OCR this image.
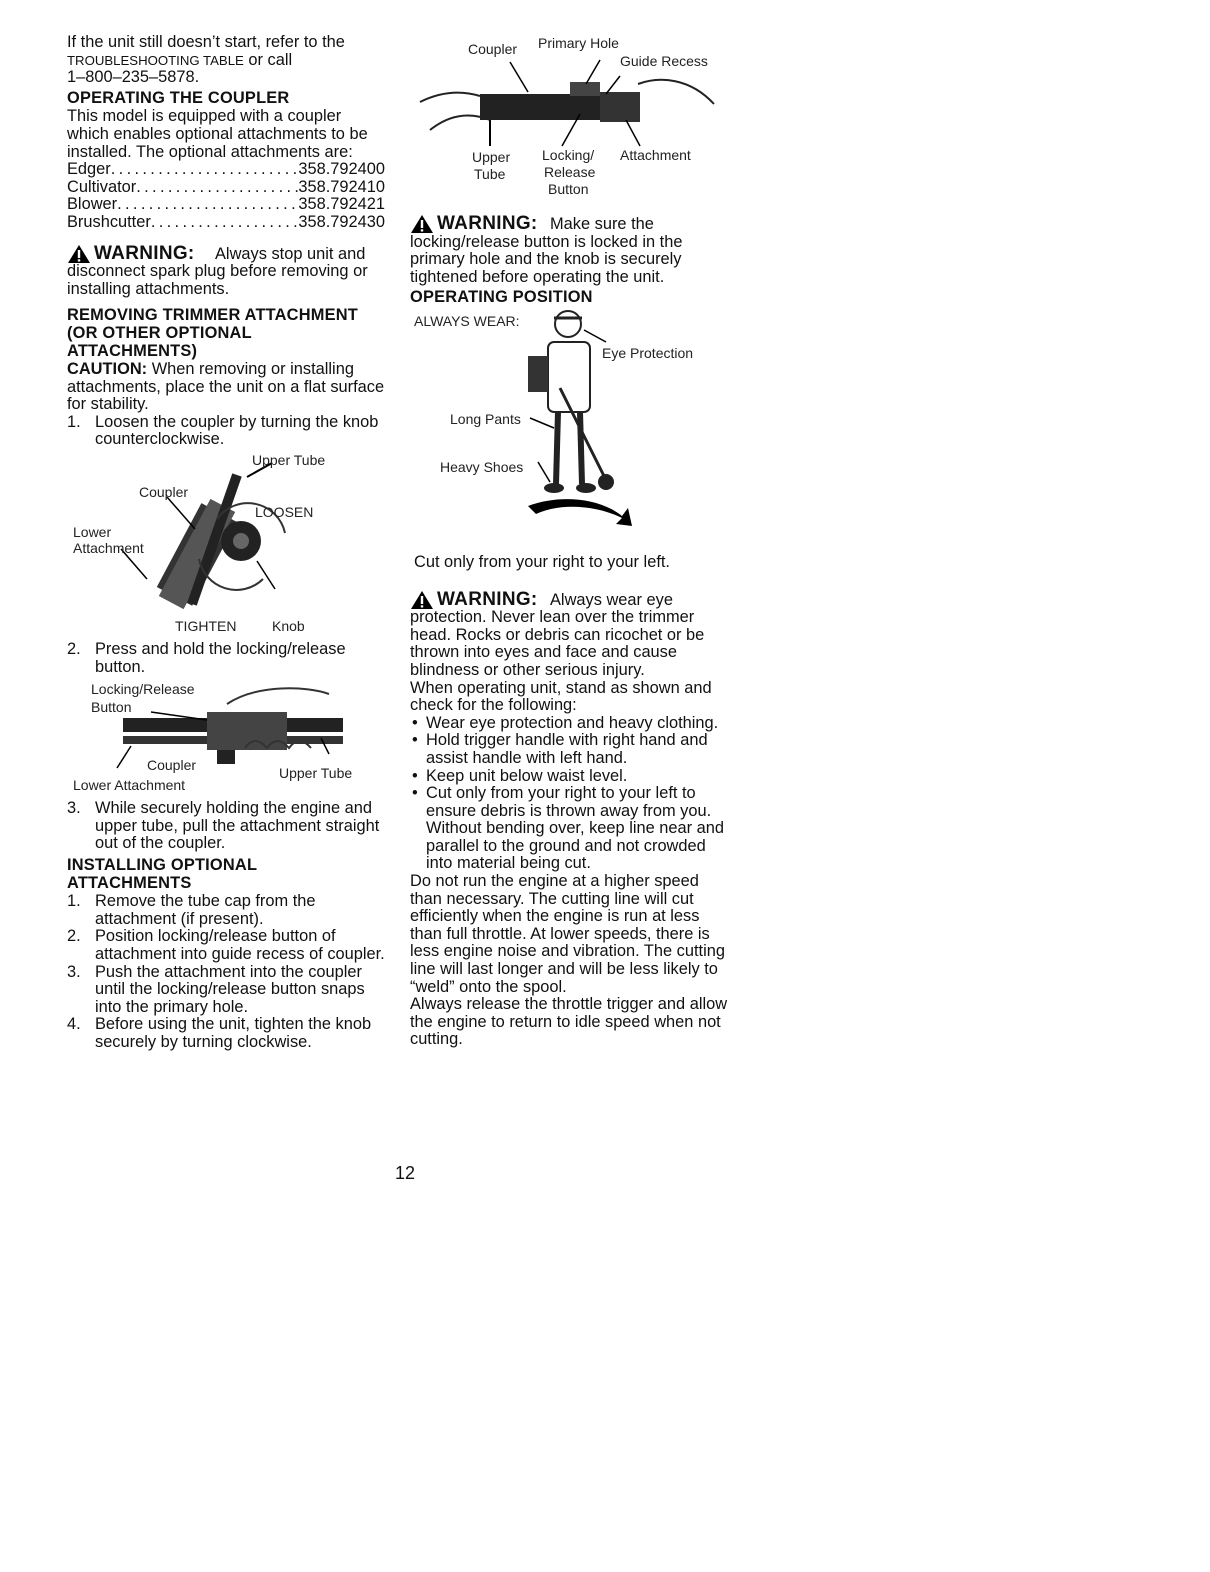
If the unit still doesn’t start, refer to the
TROUBLESHOOTING TABLE or call
1–800–235–5878.

OPERATING THE COUPLER

This model is equipped with a coupler which enables optional attachments to be installed. The optional attachments are:

Edger . . .	358.792400
Cultivator . . .	358.792410
Blower . . .	358.792421
Brushcutter . . .	358.792430
WARNING:	Always stop unit and disconnect spark plug before removing or installing attachments.

REMOVING TRIMMER ATTACHMENT (OR OTHER OPTIONAL ATTACHMENTS)

CAUTION: When removing or installing attachments, place the unit on a flat surface for stability.

1. Loosen the coupler by turning the knob counterclockwise.
Upper Tube
Coupler
LOOSEN
Lower
Attachment
TIGHTEN	Knob
2. Press and hold the locking/release button.
Locking/Release
Button
Coupler	Upper Tube
Lower Attachment
3. While securely holding the engine and upper tube, pull the attachment straight out of the coupler.

INSTALLING OPTIONAL ATTACHMENTS

1. Remove the tube cap from the attachment (if present).
2. Position locking/release button of attachment into guide recess of coupler.
3. Push the attachment into the coupler until the locking/release button snaps into the primary hole.
4. Before using the unit, tighten the knob securely by turning clockwise.
Coupler Primary Hole
Guide Recess
Upper
Tube
Locking/
Release
Button
Attachment
WARNING: Make sure the locking/release button is locked in the primary hole and the knob is securely tightened before operating the unit.

OPERATING POSITION

ALWAYS WEAR:
Eye Protection
Long Pants
Heavy Shoes

Cut only from your right to your left.

WARNING: Always wear eye protection. Never lean over the trimmer head. Rocks or debris can ricochet or be thrown into eyes and face and cause blindness or other serious injury.

When operating unit, stand as shown and check for the following:

• Wear eye protection and heavy clothing.
• Hold trigger handle with right hand and assist handle with left hand.
• Keep unit below waist level.
• Cut only from your right to your left to ensure debris is thrown away from you. Without bending over, keep line near and parallel to the ground and not crowded into material being cut.

Do not run the engine at a higher speed than necessary. The cutting line will cut efficiently when the engine is run at less than full throttle. At lower speeds, there is less engine noise and vibration. The cutting line will last longer and will be less likely to “weld” onto the spool.

Always release the throttle trigger and allow the engine to return to idle speed when not cutting.

12
